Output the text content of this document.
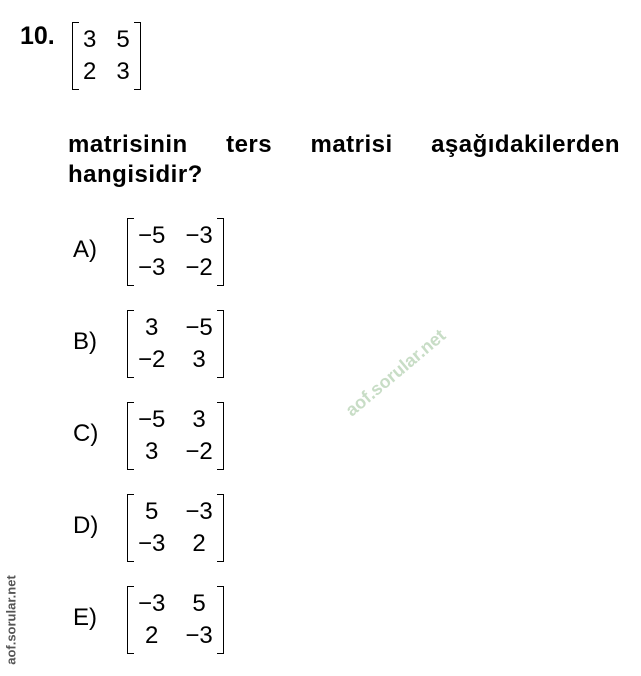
10. 3 5
2 3
matrisinin ters matrisi aşağıdakilerden
hangisidir?
A)
−5 −3
−3 −2
B)
3 −5
−2 3
C)
−5 3
3 −2
D)
5 −3
−3 2
E)
−3 5
2 −3
aof.sorular.net
aof.sorular.net
